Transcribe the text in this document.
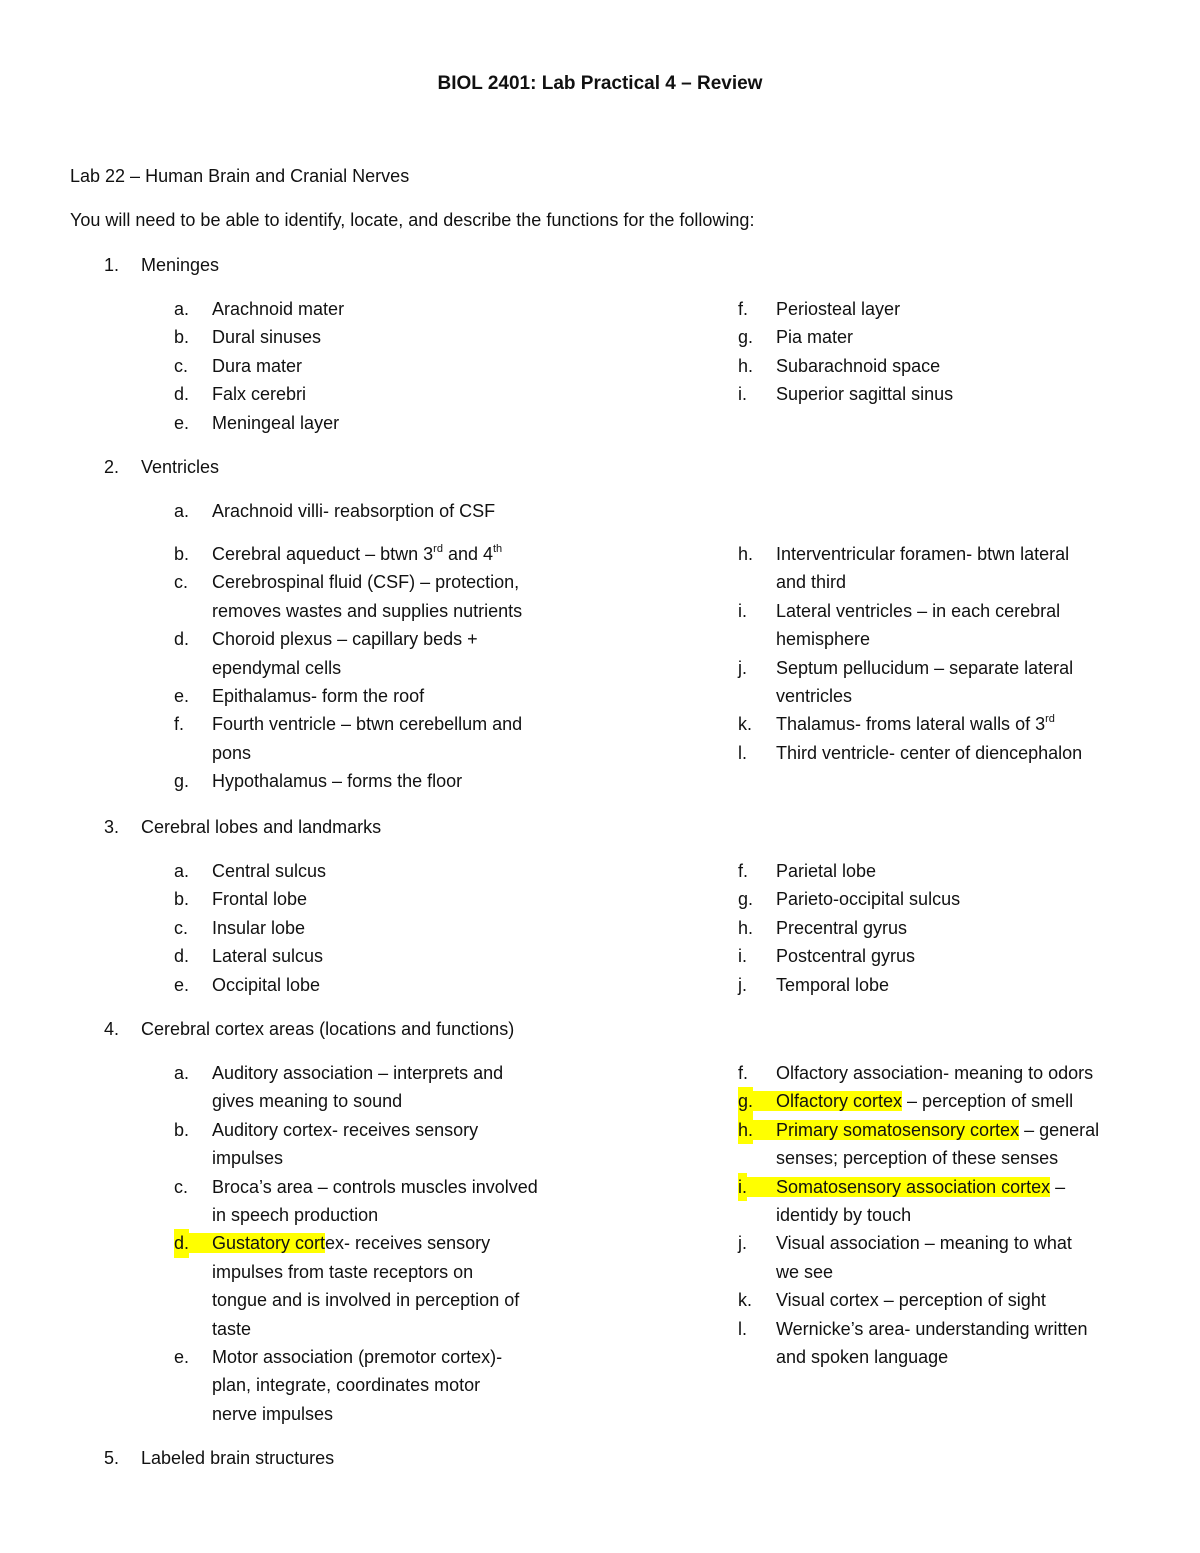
BIOL 2401: Lab Practical 4 – Review
Lab 22 – Human Brain and Cranial Nerves
You will need to be able to identify, locate, and describe the functions for the following:
1. Meninges
a. Arachnoid mater
b. Dural sinuses
c. Dura mater
d. Falx cerebri
e. Meningeal layer
f. Periosteal layer
g. Pia mater
h. Subarachnoid space
i. Superior sagittal sinus
2. Ventricles
a. Arachnoid villi- reabsorption of CSF
b. Cerebral aqueduct – btwn 3rd and 4th
c. Cerebrospinal fluid (CSF) – protection,
removes wastes and supplies nutrients
d. Choroid plexus – capillary beds +
ependymal cells
e. Epithalamus- form the roof
f. Fourth ventricle – btwn cerebellum and
pons
g. Hypothalamus – forms the floor
h. Interventricular foramen- btwn lateral
and third
i. Lateral ventricles – in each cerebral
hemisphere
j. Septum pellucidum – separate lateral
ventricles
k. Thalamus- froms lateral walls of 3rd
l. Third ventricle- center of diencephalon
3. Cerebral lobes and landmarks
a. Central sulcus
b. Frontal lobe
c. Insular lobe
d. Lateral sulcus
e. Occipital lobe
f. Parietal lobe
g. Parieto-occipital sulcus
h. Precentral gyrus
i. Postcentral gyrus
j. Temporal lobe
4. Cerebral cortex areas (locations and functions)
a. Auditory association – interprets and
gives meaning to sound
b. Auditory cortex- receives sensory
impulses
c. Broca’s area – controls muscles involved
in speech production
d. Gustatory cortex- receives sensory
impulses from taste receptors on
tongue and is involved in perception of
taste
e. Motor association (premotor cortex)-
plan, integrate, coordinates motor
nerve impulses
f. Olfactory association- meaning to odors
g. Olfactory cortex – perception of smell
h. Primary somatosensory cortex – general
senses; perception of these senses
i. Somatosensory association cortex –
identidy by touch
j. Visual association – meaning to what
we see
k. Visual cortex – perception of sight
l. Wernicke’s area- understanding written
and spoken language
5. Labeled brain structures
